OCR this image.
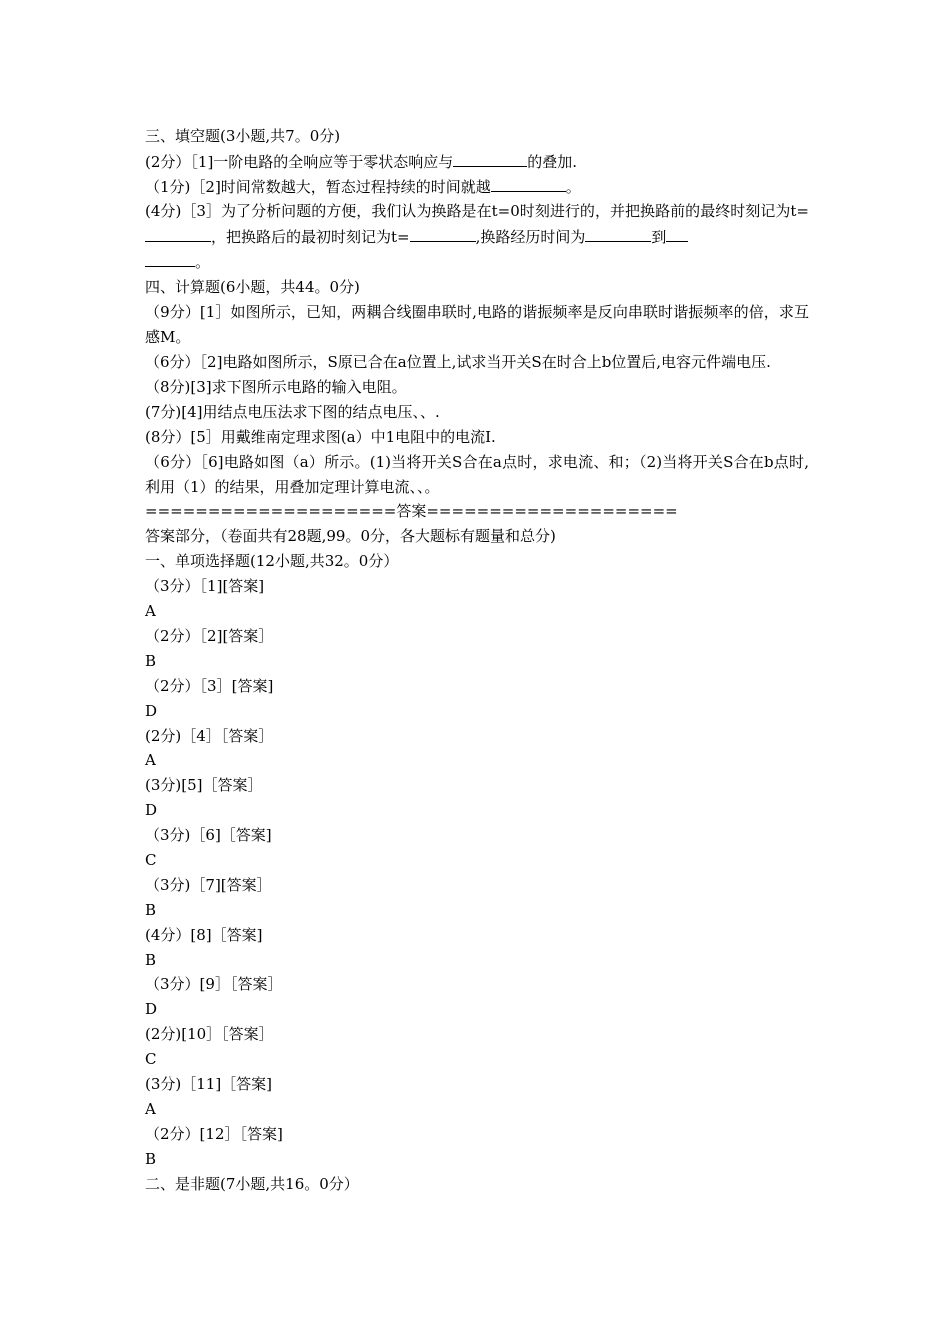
三、填空题(3小题,共7。0分)
(2分）［1]一阶电路的全响应等于零状态响应与	的叠加.
（1分)［2]时间常数越大，暂态过程持续的时间就越	。
(4分)［3］为了分析问题的方便，我们认为换路是在t=0时刻进行的，并把换路前的最终时刻记为t=，把换路后的最初时刻记为t=	,换路经历时间为	到
。
四、计算题(6小题，共44。0分)
（9分）[1］如图所示，已知，两耦合线圈串联时,电路的谐振频率是反向串联时谐振频率的倍，求互感M。
（6分）［2]电路如图所示，S原已合在a位置上,试求当开关S在时合上b位置后,电容元件端电压.
（8分)[3]求下图所示电路的输入电阻。
(7分)[4]用结点电压法求下图的结点电压、、.
(8分）[5］用戴维南定理求图(a）中1电阻中的电流I.
（6分）［6]电路如图（a）所示。(1)当将开关S合在a点时，求电流、和；（2)当将开关S合在b点时,利用（1）的结果，用叠加定理计算电流、、。
====================答案====================
答案部分，（卷面共有28题,99。0分，各大题标有题量和总分)
一、单项选择题(12小题,共32。0分）
（3分）［1][答案]
A
（2分）［2][答案］
B
（2分）［3］[答案]
D
(2分)［4］［答案］
A
(3分)[5]［答案］
D
（3分)［6]［答案]
C
（3分)［7][答案］
B
(4分）[8]［答案]
B
（3分）[9］［答案］
D
(2分)[10］［答案］
C
(3分)［11]［答案]
A
（2分）[12］［答案]
B
二、是非题(7小题,共16。0分）
